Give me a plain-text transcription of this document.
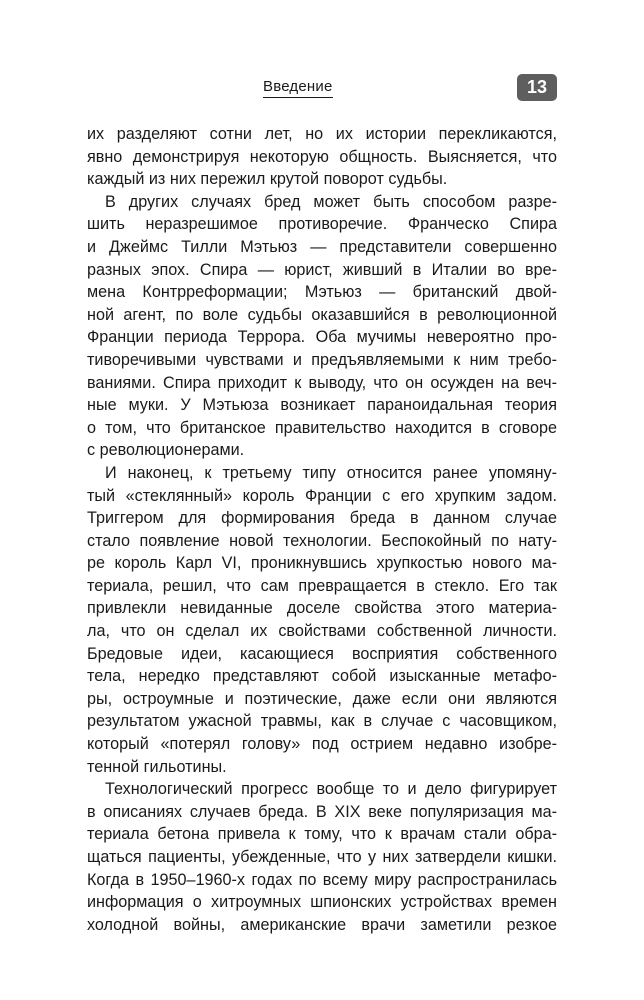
Введение	13
их разделяют сотни лет, но их истории перекликаются,
явно демонстрируя некоторую общность. Выясняется, что
каждый из них пережил крутой поворот судьбы.
В других случаях бред может быть способом разре-
шить неразрешимое противоречие. Франческо Спира
и Джеймс Тилли Мэтьюз — представители совершенно
разных эпох. Спира — юрист, живший в Италии во вре-
мена Контрреформации; Мэтьюз — британский двой-
ной агент, по воле судьбы оказавшийся в революционной
Франции периода Террора. Оба мучимы невероятно про-
тиворечивыми чувствами и предъявляемыми к ним требо-
ваниями. Спира приходит к выводу, что он осужден на веч-
ные муки. У Мэтьюза возникает параноидальная теория
о том, что британское правительство находится в сговоре
с революционерами.
И наконец, к третьему типу относится ранее упомяну-
тый «стеклянный» король Франции с его хрупким задом.
Триггером для формирования бреда в данном случае
стало появление новой технологии. Беспокойный по нату-
ре король Карл VI, проникнувшись хрупкостью нового ма-
териала, решил, что сам превращается в стекло. Его так
привлекли невиданные доселе свойства этого материа-
ла, что он сделал их свойствами собственной личности.
Бредовые идеи, касающиеся восприятия собственного
тела, нередко представляют собой изысканные метафо-
ры, остроумные и поэтические, даже если они являются
результатом ужасной травмы, как в случае с часовщиком,
который «потерял голову» под острием недавно изобре-
тенной гильотины.
Технологический прогресс вообще то и дело фигурирует
в описаниях случаев бреда. В XIX веке популяризация ма-
териала бетона привела к тому, что к врачам стали обра-
щаться пациенты, убежденные, что у них затвердели кишки.
Когда в 1950–1960-х годах по всему миру распространилась
информация о хитроумных шпионских устройствах времен
холодной войны, американские врачи заметили резкое
